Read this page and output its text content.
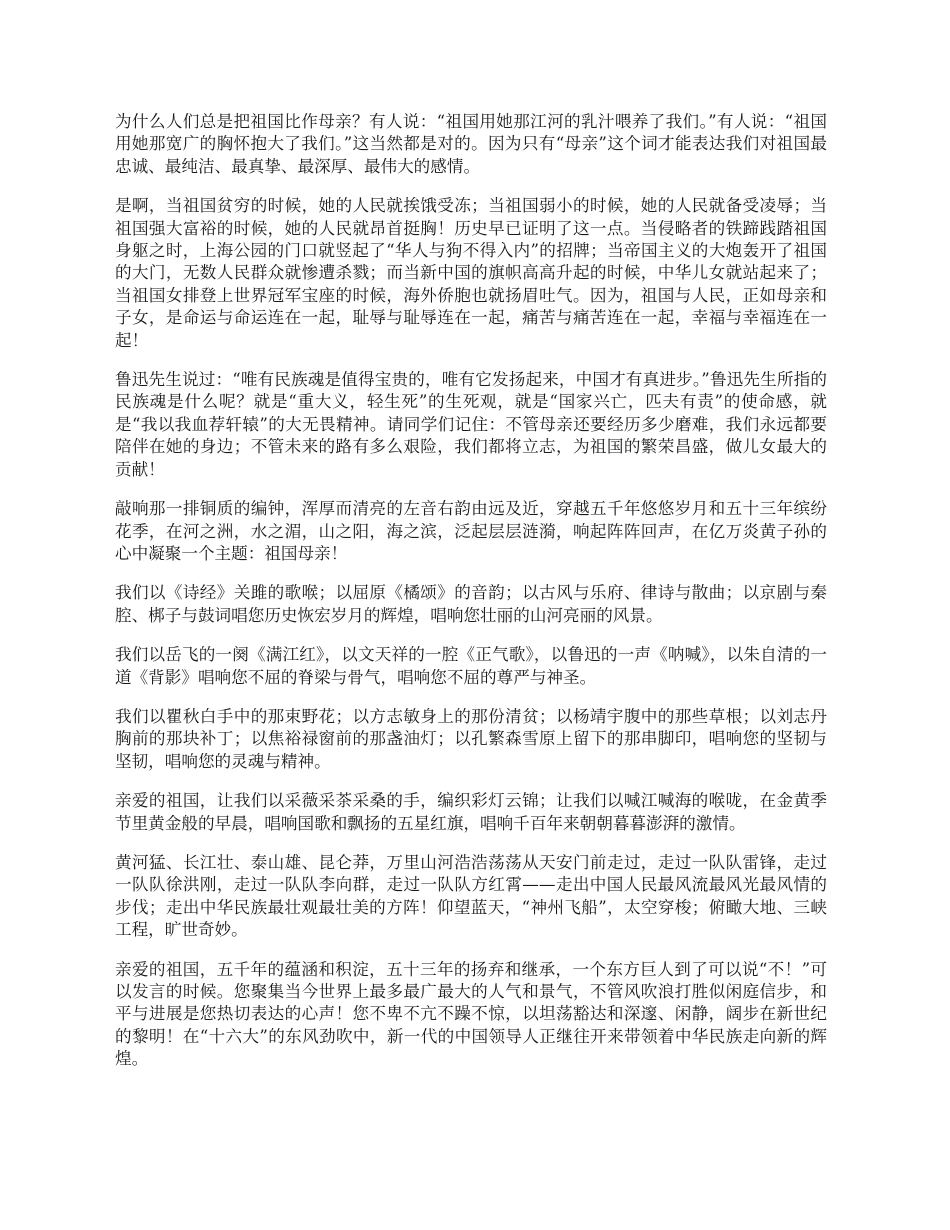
为什么人们总是把祖国比作母亲？有人说：“祖国用她那江河的乳汁喂养了我们。”有人说：“祖国用她那宽广的胸怀抱大了我们。”这当然都是对的。因为只有“母亲”这个词才能表达我们对祖国最忠诚、最纯洁、最真挚、最深厚、最伟大的感情。

是啊，当祖国贫穷的时候，她的人民就挨饿受冻；当祖国弱小的时候，她的人民就备受凌辱；当祖国强大富裕的时候，她的人民就昂首挺胸！历史早已证明了这一点。当侵略者的铁蹄践踏祖国身躯之时，上海公园的门口就竖起了“华人与狗不得入内”的招牌；当帝国主义的大炮轰开了祖国的大门，无数人民群众就惨遭杀戮；而当新中国的旗帜高高升起的时候，中华儿女就站起来了；当祖国女排登上世界冠军宝座的时候，海外侨胞也就扬眉吐气。因为，祖国与人民，正如母亲和子女，是命运与命运连在一起，耻辱与耻辱连在一起，痛苦与痛苦连在一起，幸福与幸福连在一起！

鲁迅先生说过：“唯有民族魂是值得宝贵的，唯有它发扬起来，中国才有真进步。”鲁迅先生所指的民族魂是什么呢？就是“重大义，轻生死”的生死观，就是“国家兴亡，匹夫有责”的使命感，就是“我以我血荐轩辕”的大无畏精神。请同学们记住：不管母亲还要经历多少磨难，我们永远都要陪伴在她的身边；不管未来的路有多么艰险，我们都将立志，为祖国的繁荣昌盛，做儿女最大的贡献！

敲响那一排铜质的编钟，浑厚而清亮的左音右韵由远及近，穿越五千年悠悠岁月和五十三年缤纷花季，在河之洲，水之湄，山之阳，海之滨，泛起层层涟漪，响起阵阵回声，在亿万炎黄子孙的心中凝聚一个主题：祖国母亲！

我们以《诗经》关雎的歌喉；以屈原《橘颂》的音韵；以古风与乐府、律诗与散曲；以京剧与秦腔、梆子与鼓词唱您历史恢宏岁月的辉煌，唱响您壮丽的山河亮丽的风景。

我们以岳飞的一阕《满江红》，以文天祥的一腔《正气歌》，以鲁迅的一声《呐喊》，以朱自清的一道《背影》唱响您不屈的脊梁与骨气，唱响您不屈的尊严与神圣。

我们以瞿秋白手中的那束野花；以方志敏身上的那份清贫；以杨靖宇腹中的那些草根；以刘志丹胸前的那块补丁；以焦裕禄窗前的那盏油灯；以孔繁森雪原上留下的那串脚印，唱响您的坚韧与坚韧，唱响您的灵魂与精神。

亲爱的祖国，让我们以采薇采茶采桑的手，编织彩灯云锦；让我们以喊江喊海的喉咙，在金黄季节里黄金般的早晨，唱响国歌和飘扬的五星红旗，唱响千百年来朝朝暮暮澎湃的激情。

黄河猛、长江壮、泰山雄、昆仑莽，万里山河浩浩荡荡从天安门前走过，走过一队队雷锋，走过一队队徐洪刚，走过一队队李向群，走过一队队方红霄——走出中国人民最风流最风光最风情的步伐；走出中华民族最壮观最壮美的方阵！仰望蓝天，“神州飞船”，太空穿梭；俯瞰大地、三峡工程，旷世奇妙。

亲爱的祖国，五千年的蕴涵和积淀，五十三年的扬弃和继承，一个东方巨人到了可以说“不！”可以发言的时候。您聚集当今世界上最多最广最大的人气和景气，不管风吹浪打胜似闲庭信步，和平与进展是您热切表达的心声！您不卑不亢不躁不惊，以坦荡豁达和深邃、闲静，阔步在新世纪的黎明！在“十六大”的东风劲吹中，新一代的中国领导人正继往开来带领着中华民族走向新的辉煌。
